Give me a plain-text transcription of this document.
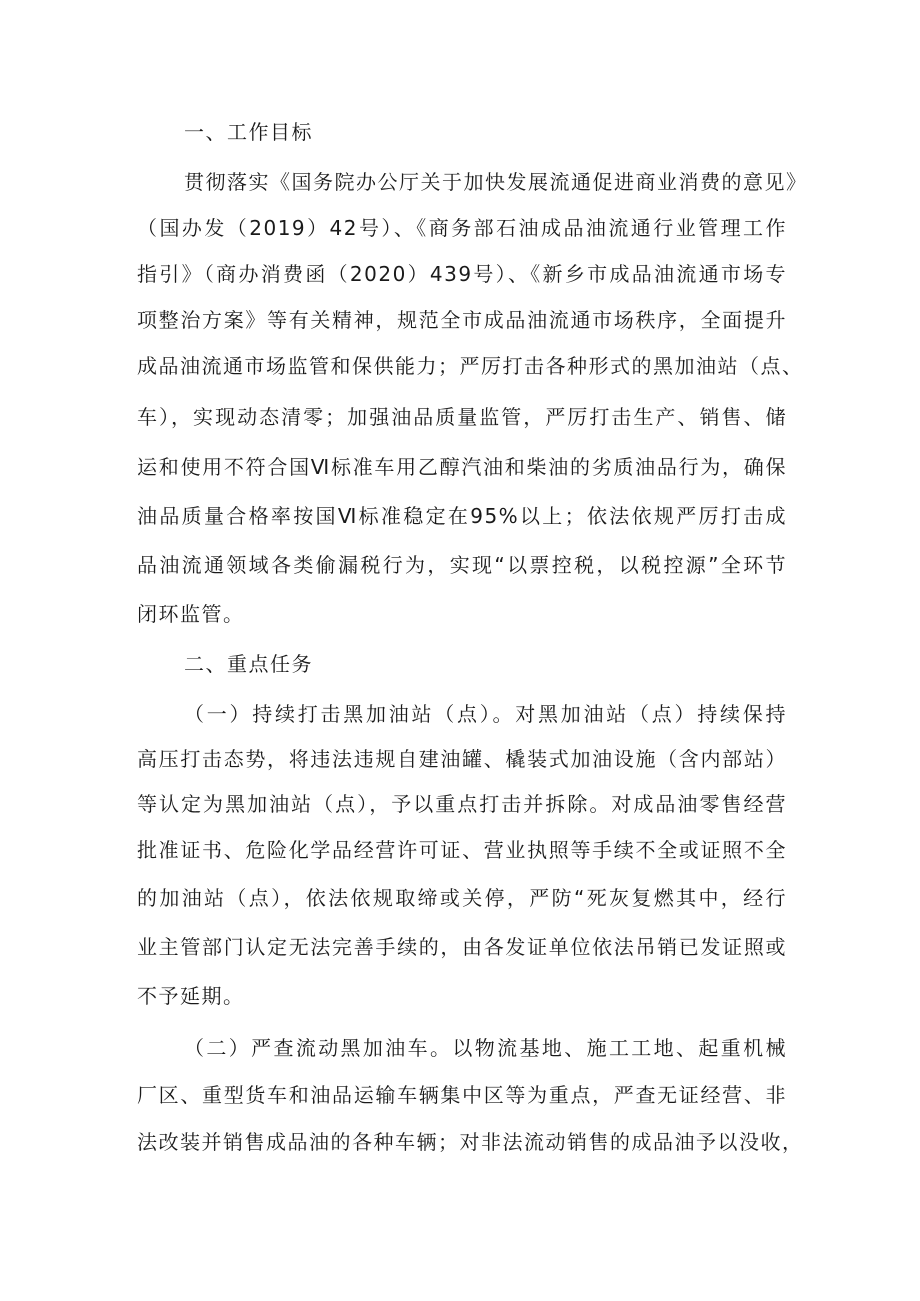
一、工作目标
贯彻落实《国务院办公厅关于加快发展流通促进商业消费的意见》
（国办发（2019）42号）、《商务部石油成品油流通行业管理工作
指引》（商办消费函（2020）439号）、《新乡市成品油流通市场专
项整治方案》等有关精神，规范全市成品油流通市场秩序，全面提升
成品油流通市场监管和保供能力；严厉打击各种形式的黑加油站（点、
车），实现动态清零；加强油品质量监管，严厉打击生产、销售、储
运和使用不符合国Ⅵ标准车用乙醇汽油和柴油的劣质油品行为，确保
油品质量合格率按国Ⅵ标准稳定在95%以上；依法依规严厉打击成
品油流通领域各类偷漏税行为，实现“以票控税，以税控源”全环节
闭环监管。
二、重点任务
（一）持续打击黑加油站（点）。对黑加油站（点）持续保持
高压打击态势，将违法违规自建油罐、橇装式加油设施（含内部站）
等认定为黑加油站（点），予以重点打击并拆除。对成品油零售经营
批准证书、危险化学品经营许可证、营业执照等手续不全或证照不全
的加油站（点），依法依规取缔或关停，严防“死灰复燃其中，经行
业主管部门认定无法完善手续的，由各发证单位依法吊销已发证照或
不予延期。
（二）严查流动黑加油车。以物流基地、施工工地、起重机械
厂区、重型货车和油品运输车辆集中区等为重点，严查无证经营、非
法改装并销售成品油的各种车辆；对非法流动销售的成品油予以没收，
